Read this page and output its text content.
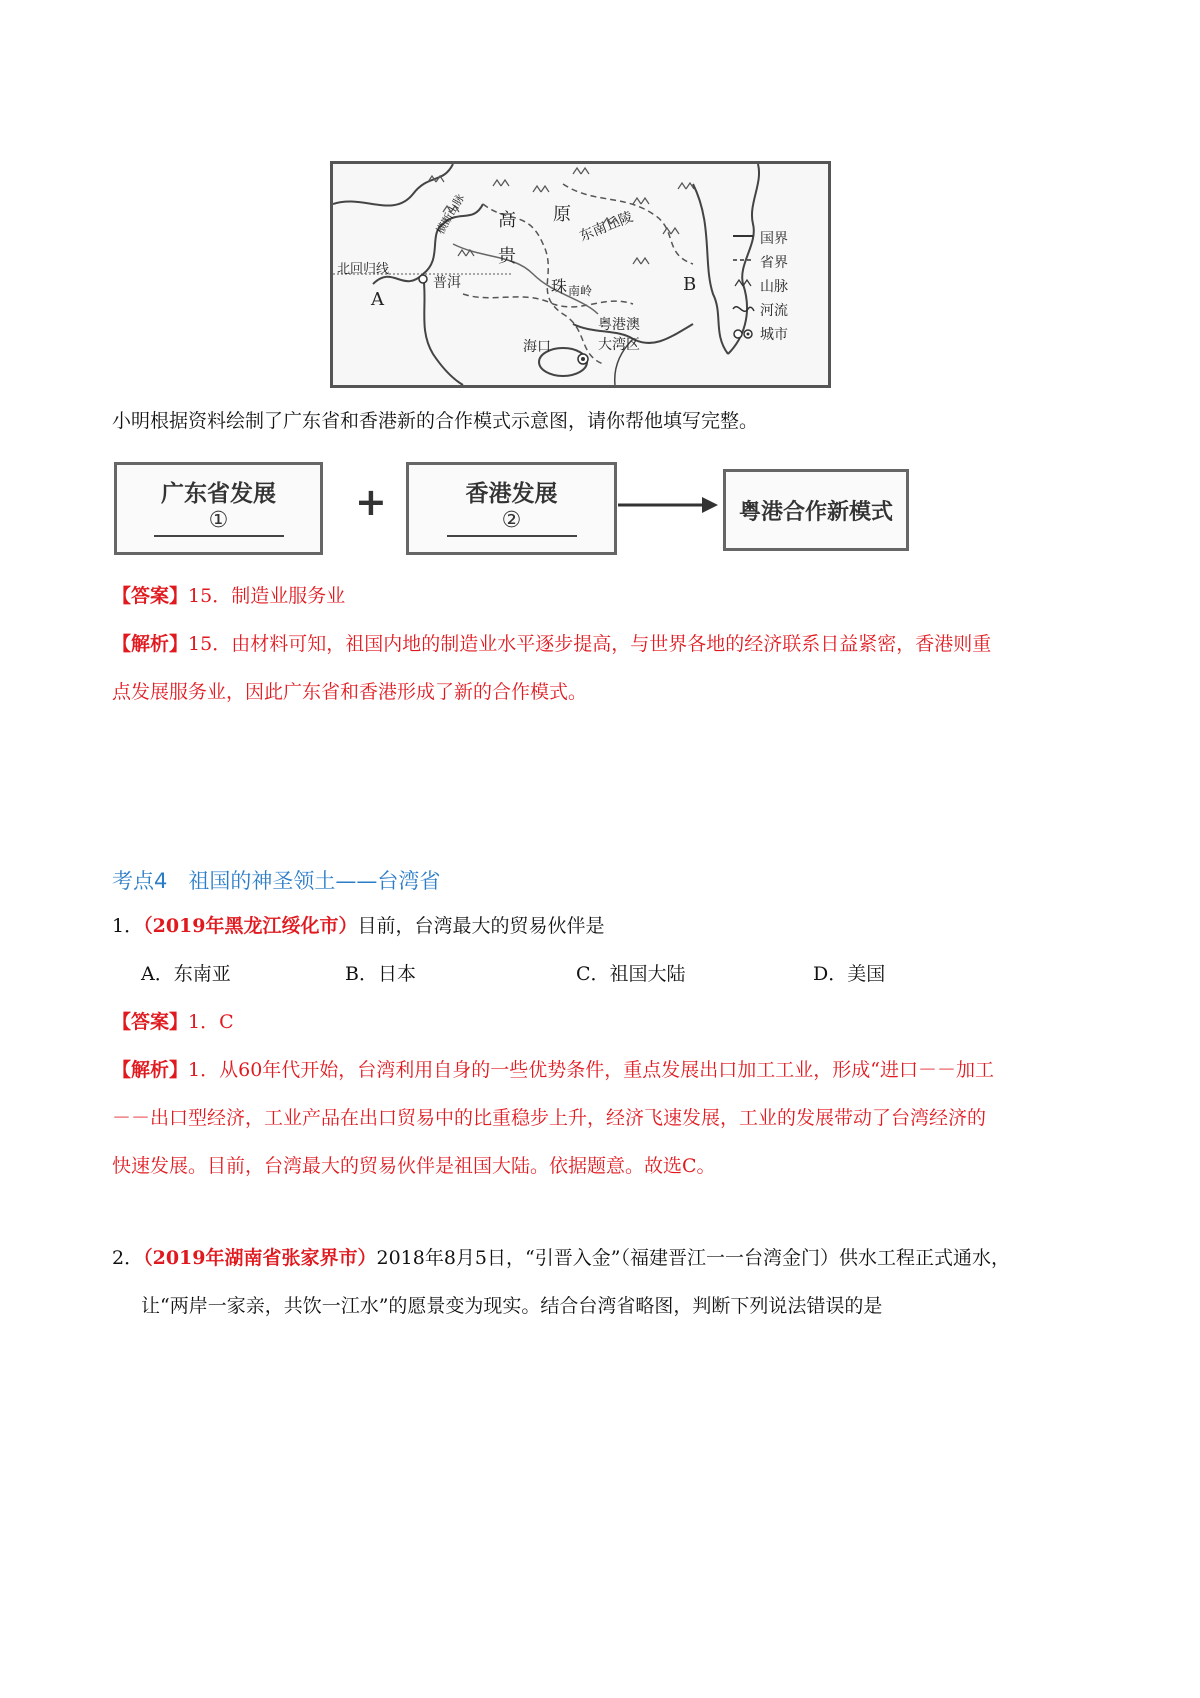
高 原 东南丘陵
贵
横断山脉
北回归线
普洱
A
珠 南岭	B
粤港澳
大湾区
海口
国界
省界
山脉
河流
城市
小明根据资料绘制了广东省和香港新的合作模式示意图，请你帮他填写完整。
广东省发展
①	+	香港发展
②	粤港合作新模式
【答案】15．制造业服务业
【解析】15．由材料可知，祖国内地的制造业水平逐步提高，与世界各地的经济联系日益紧密，香港则重
点发展服务业，因此广东省和香港形成了新的合作模式。
考点4　祖国的神圣领土——台湾省
1．（2019年黑龙江绥化市）目前，台湾最大的贸易伙伴是
A．东南亚	B．日本	C．祖国大陆	D．美国
【答案】1．C
【解析】1．从60年代开始，台湾利用自身的一些优势条件，重点发展出口加工工业，形成“进口－－加工
－－出口型经济，工业产品在出口贸易中的比重稳步上升，经济飞速发展，工业的发展带动了台湾经济的
快速发展。目前，台湾最大的贸易伙伴是祖国大陆。依据题意。故选C。
2．（2019年湖南省张家界市）2018年8月5日，“引晋入金”（福建晋江一一台湾金门）供水工程正式通水，
让“两岸一家亲，共饮一江水”的愿景变为现实。结合台湾省略图，判断下列说法错误的是
